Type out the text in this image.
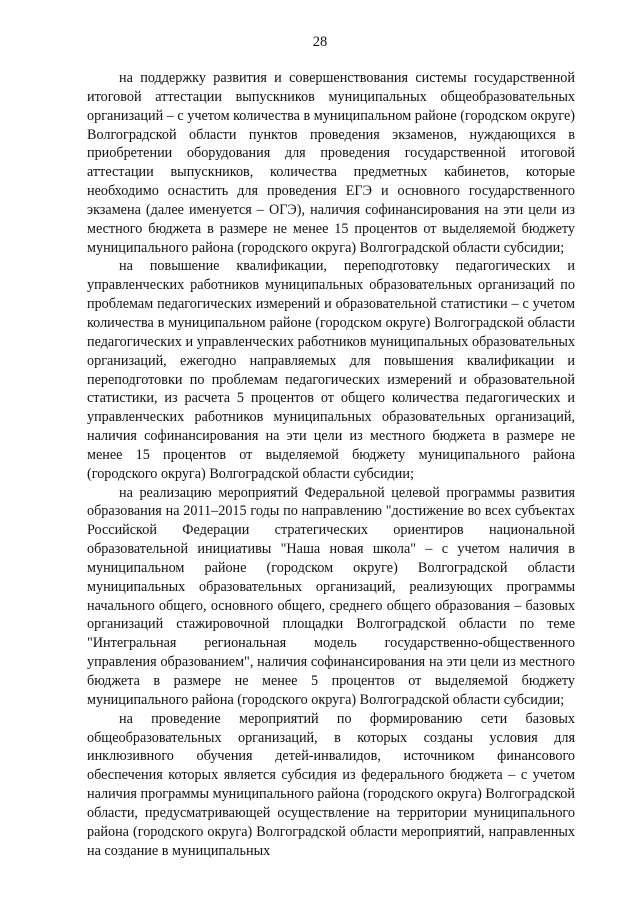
28

на поддержку развития и совершенствования системы государственной итоговой аттестации выпускников муниципальных общеобразовательных организаций – с учетом количества в муниципальном районе (городском округе) Волгоградской области пунктов проведения экзаменов, нуждающихся в приобретении оборудования для проведения государственной итоговой аттестации выпускников, количества предметных кабинетов, которые необходимо оснастить для проведения ЕГЭ и основного государственного экзамена (далее именуется – ОГЭ), наличия софинансирования на эти цели из местного бюджета в размере не менее 15 процентов от выделяемой бюджету муниципального района (городского округа) Волгоградской области субсидии;

на повышение квалификации, переподготовку педагогических и управленческих работников муниципальных образовательных организаций по проблемам педагогических измерений и образовательной статистики – с учетом количества в муниципальном районе (городском округе) Волгоградской области педагогических и управленческих работников муниципальных образовательных организаций, ежегодно направляемых для повышения квалификации и переподготовки по проблемам педагогических измерений и образовательной статистики, из расчета 5 процентов от общего количества педагогических и управленческих работников муниципальных образовательных организаций, наличия софинансирования на эти цели из местного бюджета в размере не менее 15 процентов от выделяемой бюджету муниципального района (городского округа) Волгоградской области субсидии;

на реализацию мероприятий Федеральной целевой программы развития образования на 2011–2015 годы по направлению "достижение во всех субъектах Российской Федерации стратегических ориентиров национальной образовательной инициативы "Наша новая школа" – с учетом наличия в муниципальном районе (городском округе) Волгоградской области муниципальных образовательных организаций, реализующих программы начального общего, основного общего, среднего общего образования – базовых организаций стажировочной площадки Волгоградской области по теме "Интегральная региональная модель государственно-общественного управления образованием", наличия софинансирования на эти цели из местного бюджета в размере не менее 5 процентов от выделяемой бюджету муниципального района (городского округа) Волгоградской области субсидии;

на проведение мероприятий по формированию сети базовых общеобразовательных организаций, в которых созданы условия для инклюзивного обучения детей-инвалидов, источником финансового обеспечения которых является субсидия из федерального бюджета – с учетом наличия программы муниципального района (городского округа) Волгоградской области, предусматривающей осуществление на территории муниципального района (городского округа) Волгоградской области мероприятий, направленных на создание в муниципальных
